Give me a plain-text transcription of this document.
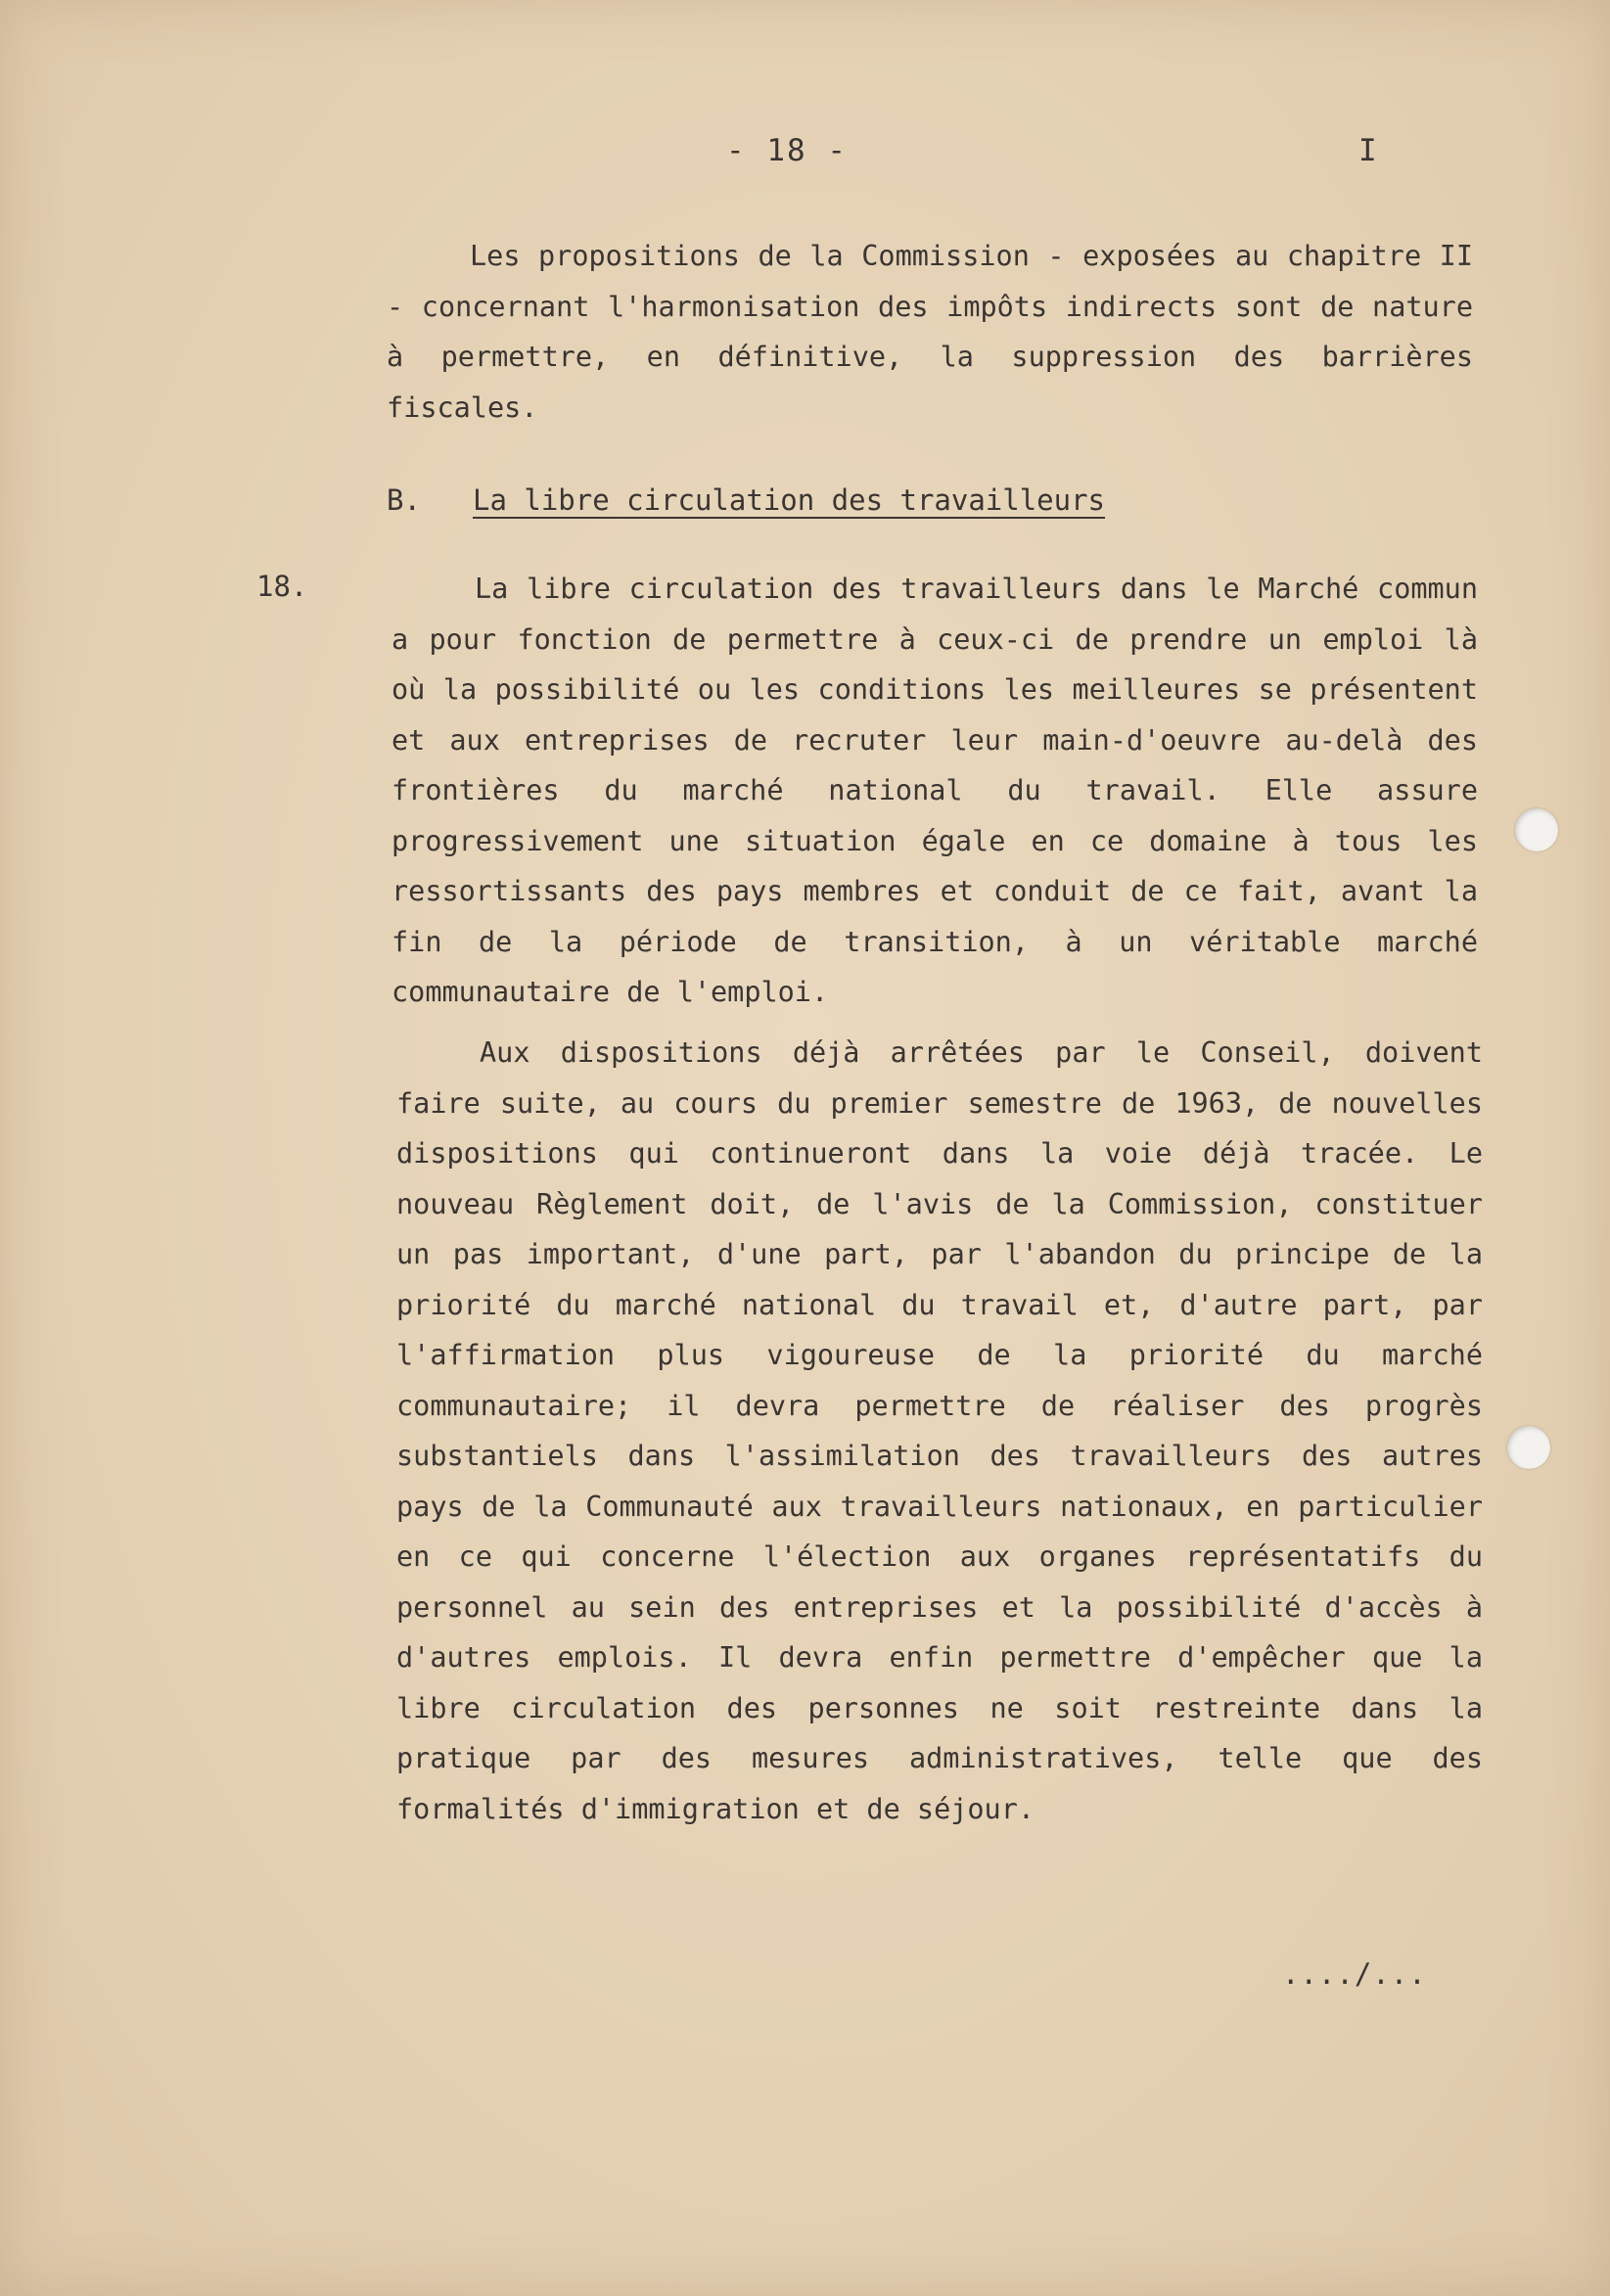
- 18 -	I

Les propositions de la Commission - exposées au chapitre II - concernant l'harmonisation des impôts indirects sont de nature à permettre, en définitive, la suppression des barrières fiscales.

B. La libre circulation des travailleurs
18.	La libre circulation des travailleurs dans le Marché commun a pour fonction de permettre à ceux-ci de prendre un emploi là où la possibilité ou les conditions les meilleures se présentent et aux entreprises de recruter leur main-d'oeuvre au-delà des frontières du marché national du travail. Elle assure progressivement une situation égale en ce domaine à tous les ressortissants des pays membres et conduit de ce fait, avant la fin de la période de transition, à un véritable marché communautaire de l'emploi.

Aux dispositions déjà arrêtées par le Conseil, doivent faire suite, au cours du premier semestre de 1963, de nouvelles dispositions qui continueront dans la voie déjà tracée. Le nouveau Règlement doit, de l'avis de la Commission, constituer un pas important, d'une part, par l'abandon du principe de la priorité du marché national du travail et, d'autre part, par l'affirmation plus vigoureuse de la priorité du marché communautaire; il devra permettre de réaliser des progrès substantiels dans l'assimilation des travailleurs des autres pays de la Communauté aux travailleurs nationaux, en particulier en ce qui concerne l'élection aux organes représentatifs du personnel au sein des entreprises et la possibilité d'accès à d'autres emplois. Il devra enfin permettre d'empêcher que la libre circulation des personnes ne soit restreinte dans la pratique par des mesures administratives, telle que des formalités d'immigration et de séjour.

..../...
